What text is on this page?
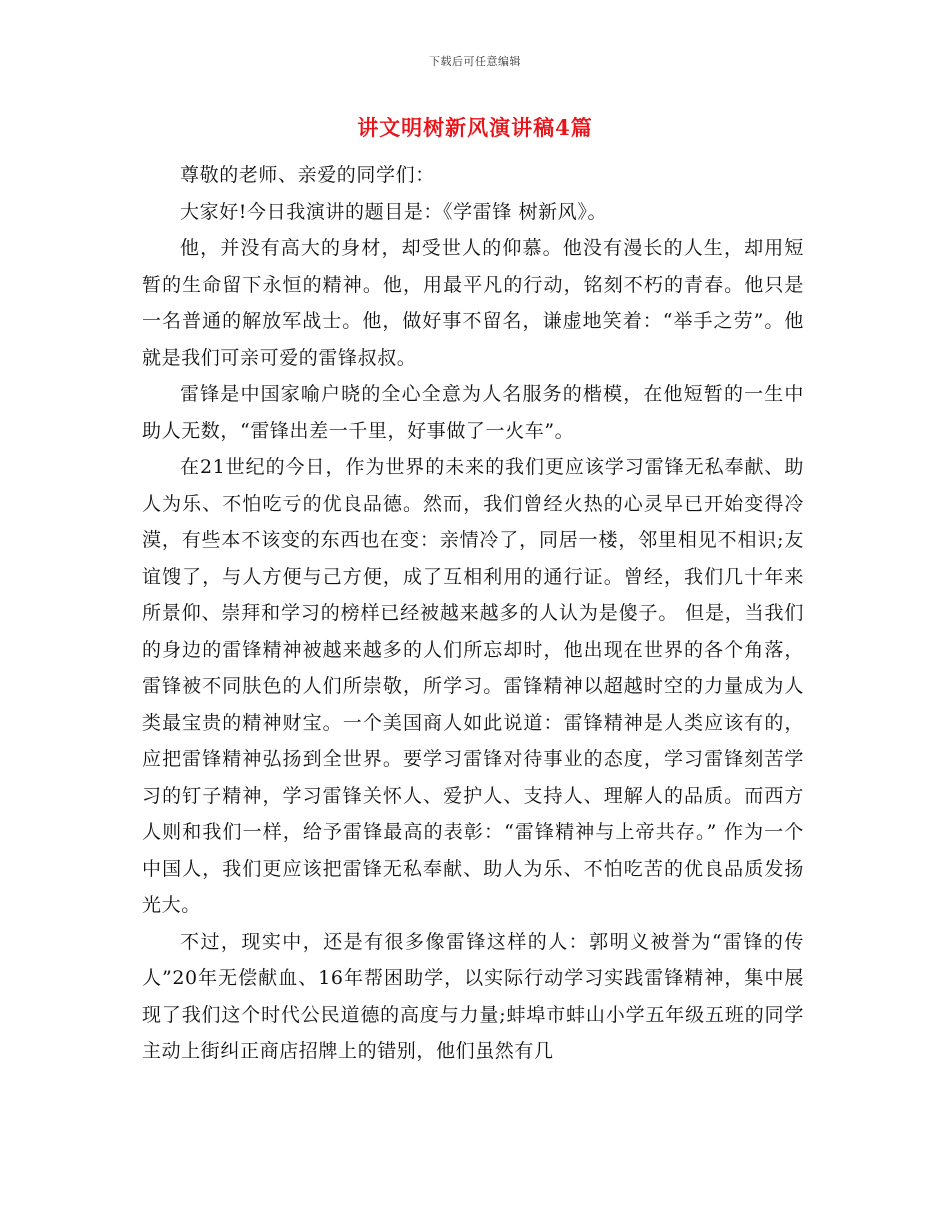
下载后可任意编辑
讲文明树新风演讲稿4篇

尊敬的老师、亲爱的同学们：

大家好!今日我演讲的题目是：《学雷锋 树新风》。

他，并没有高大的身材，却受世人的仰慕。他没有漫长的人生，却用短暂的生命留下永恒的精神。他，用最平凡的行动，铭刻不朽的青春。他只是一名普通的解放军战士。他，做好事不留名，谦虚地笑着：“举手之劳”。他就是我们可亲可爱的雷锋叔叔。

雷锋是中国家喻户晓的全心全意为人名服务的楷模，在他短暂的一生中助人无数，“雷锋出差一千里，好事做了一火车”。

在21世纪的今日，作为世界的未来的我们更应该学习雷锋无私奉献、助人为乐、不怕吃亏的优良品德。然而，我们曾经火热的心灵早已开始变得冷漠，有些本不该变的东西也在变：亲情冷了，同居一楼，邻里相见不相识;友谊馊了，与人方便与己方便，成了互相利用的通行证。曾经，我们几十年来所景仰、崇拜和学习的榜样已经被越来越多的人认为是傻子。 但是，当我们的身边的雷锋精神被越来越多的人们所忘却时，他出现在世界的各个角落，雷锋被不同肤色的人们所崇敬，所学习。雷锋精神以超越时空的力量成为人类最宝贵的精神财宝。一个美国商人如此说道：雷锋精神是人类应该有的，应把雷锋精神弘扬到全世界。要学习雷锋对待事业的态度，学习雷锋刻苦学习的钉子精神，学习雷锋关怀人、爱护人、支持人、理解人的品质。而西方人则和我们一样，给予雷锋最高的表彰：“雷锋精神与上帝共存。” 作为一个中国人，我们更应该把雷锋无私奉献、助人为乐、不怕吃苦的优良品质发扬光大。

不过，现实中，还是有很多像雷锋这样的人：郭明义被誉为“雷锋的传人”20年无偿献血、16年帮困助学，以实际行动学习实践雷锋精神，集中展现了我们这个时代公民道德的高度与力量;蚌埠市蚌山小学五年级五班的同学主动上街纠正商店招牌上的错别，他们虽然有几
